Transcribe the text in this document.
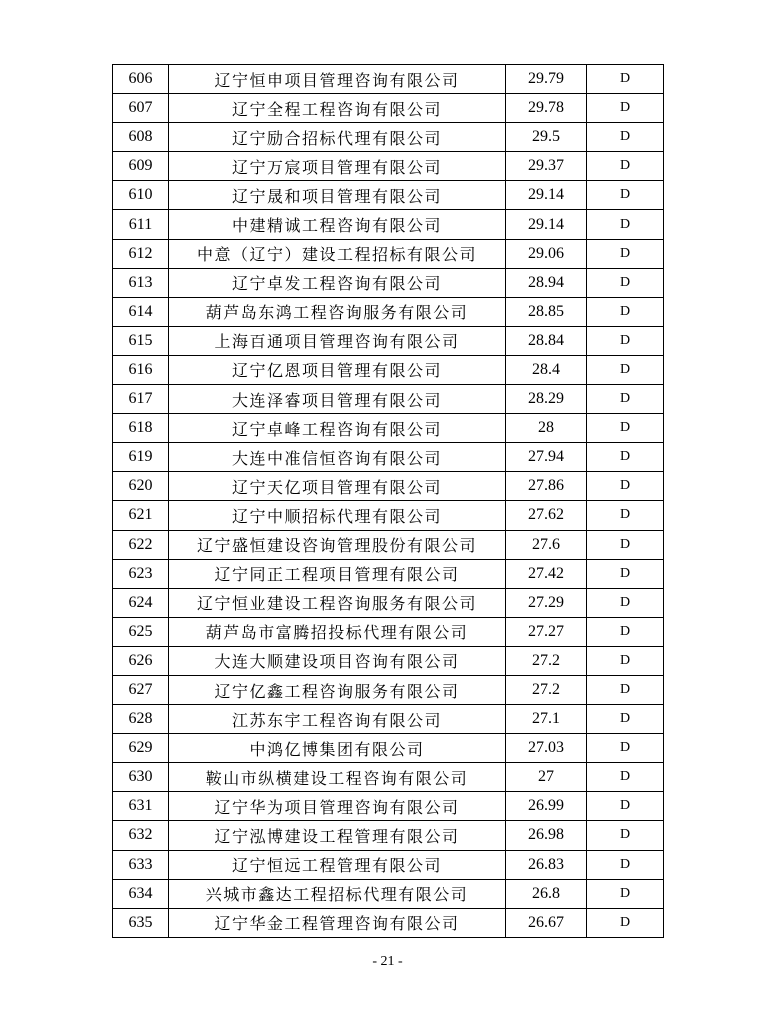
606	辽宁恒申项目管理咨询有限公司	29.79	D
607	辽宁全程工程咨询有限公司	29.78	D
608	辽宁励合招标代理有限公司	29.5	D
609	辽宁万宸项目管理有限公司	29.37	D
610	辽宁晟和项目管理有限公司	29.14	D
611	中建精诚工程咨询有限公司	29.14	D
612	中意（辽宁）建设工程招标有限公司	29.06	D
613	辽宁卓发工程咨询有限公司	28.94	D
614	葫芦岛东鸿工程咨询服务有限公司	28.85	D
615	上海百通项目管理咨询有限公司	28.84	D
616	辽宁亿恩项目管理有限公司	28.4	D
617	大连泽睿项目管理有限公司	28.29	D
618	辽宁卓峰工程咨询有限公司	28	D
619	大连中准信恒咨询有限公司	27.94	D
620	辽宁天亿项目管理有限公司	27.86	D
621	辽宁中顺招标代理有限公司	27.62	D
622	辽宁盛恒建设咨询管理股份有限公司	27.6	D
623	辽宁同正工程项目管理有限公司	27.42	D
624	辽宁恒业建设工程咨询服务有限公司	27.29	D
625	葫芦岛市富腾招投标代理有限公司	27.27	D
626	大连大顺建设项目咨询有限公司	27.2	D
627	辽宁亿鑫工程咨询服务有限公司	27.2	D
628	江苏东宇工程咨询有限公司	27.1	D
629	中鸿亿博集团有限公司	27.03	D
630	鞍山市纵横建设工程咨询有限公司	27	D
631	辽宁华为项目管理咨询有限公司	26.99	D
632	辽宁泓博建设工程管理有限公司	26.98	D
633	辽宁恒远工程管理有限公司	26.83	D
634	兴城市鑫达工程招标代理有限公司	26.8	D
635	辽宁华金工程管理咨询有限公司	26.67	D
- 21 -
